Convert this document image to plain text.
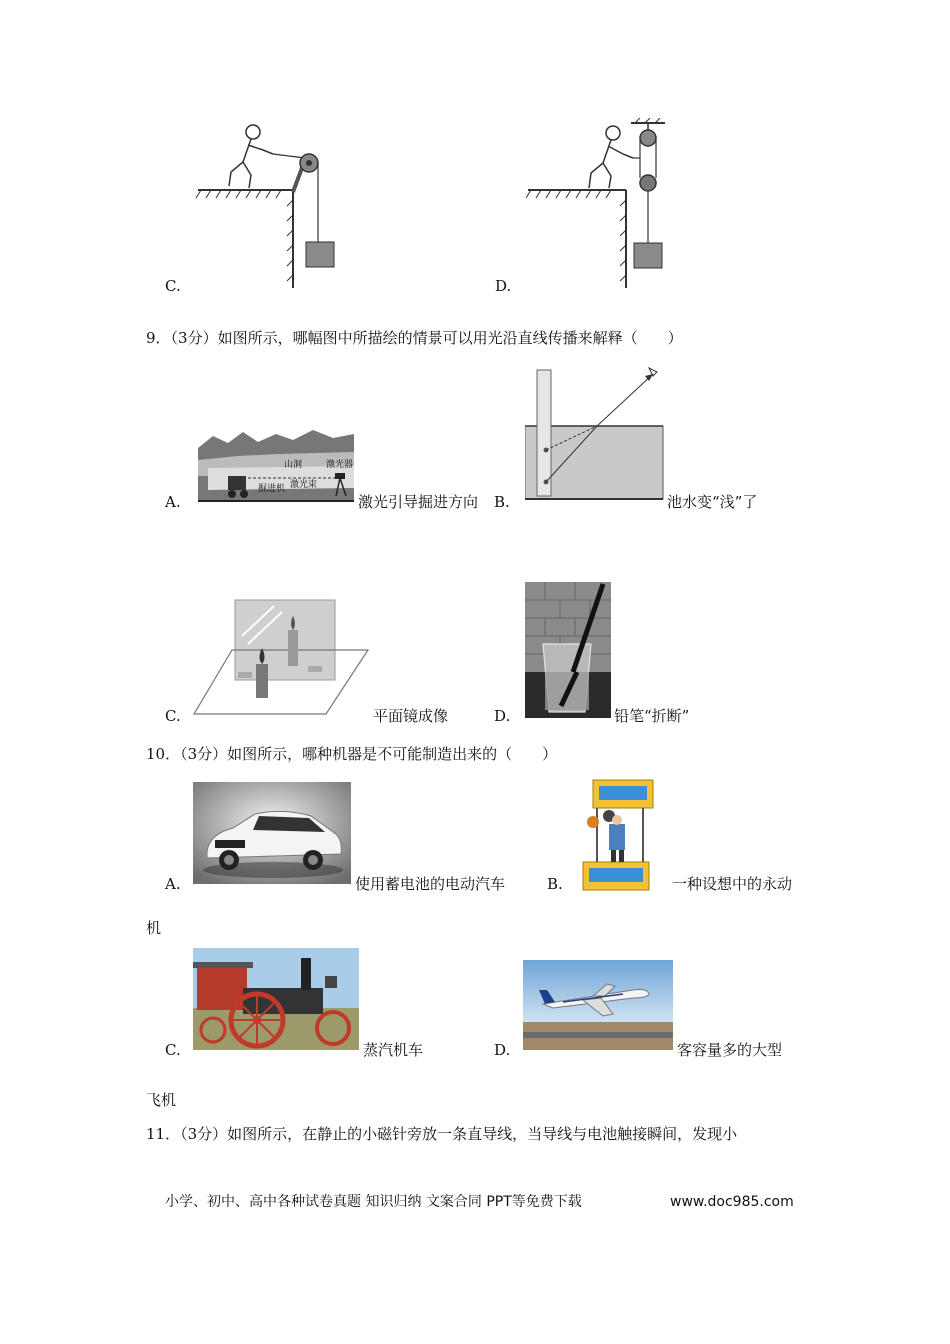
C.	D.
9．（3分）如图所示，哪幅图中所描绘的情景可以用光沿直线传播来解释（　　）
A.
山洞	激光器
激光束
掘进机
激光引导掘进方向 B.	池水变“浅”了
C.	平面镜成像	D.	铅笔“折断”
10．（3分）如图所示，哪种机器是不可能制造出来的（　　）
A.	使用蓄电池的电动汽车	B.	一种设想中的永动
机
C.	蒸汽机车	D.	客容量多的大型
飞机
11．（3分）如图所示，在静止的小磁针旁放一条直导线，当导线与电池触接瞬间，发现小
小学、初中、高中各种试卷真题 知识归纳 文案合同 PPT等免费下载	www.doc985.com
